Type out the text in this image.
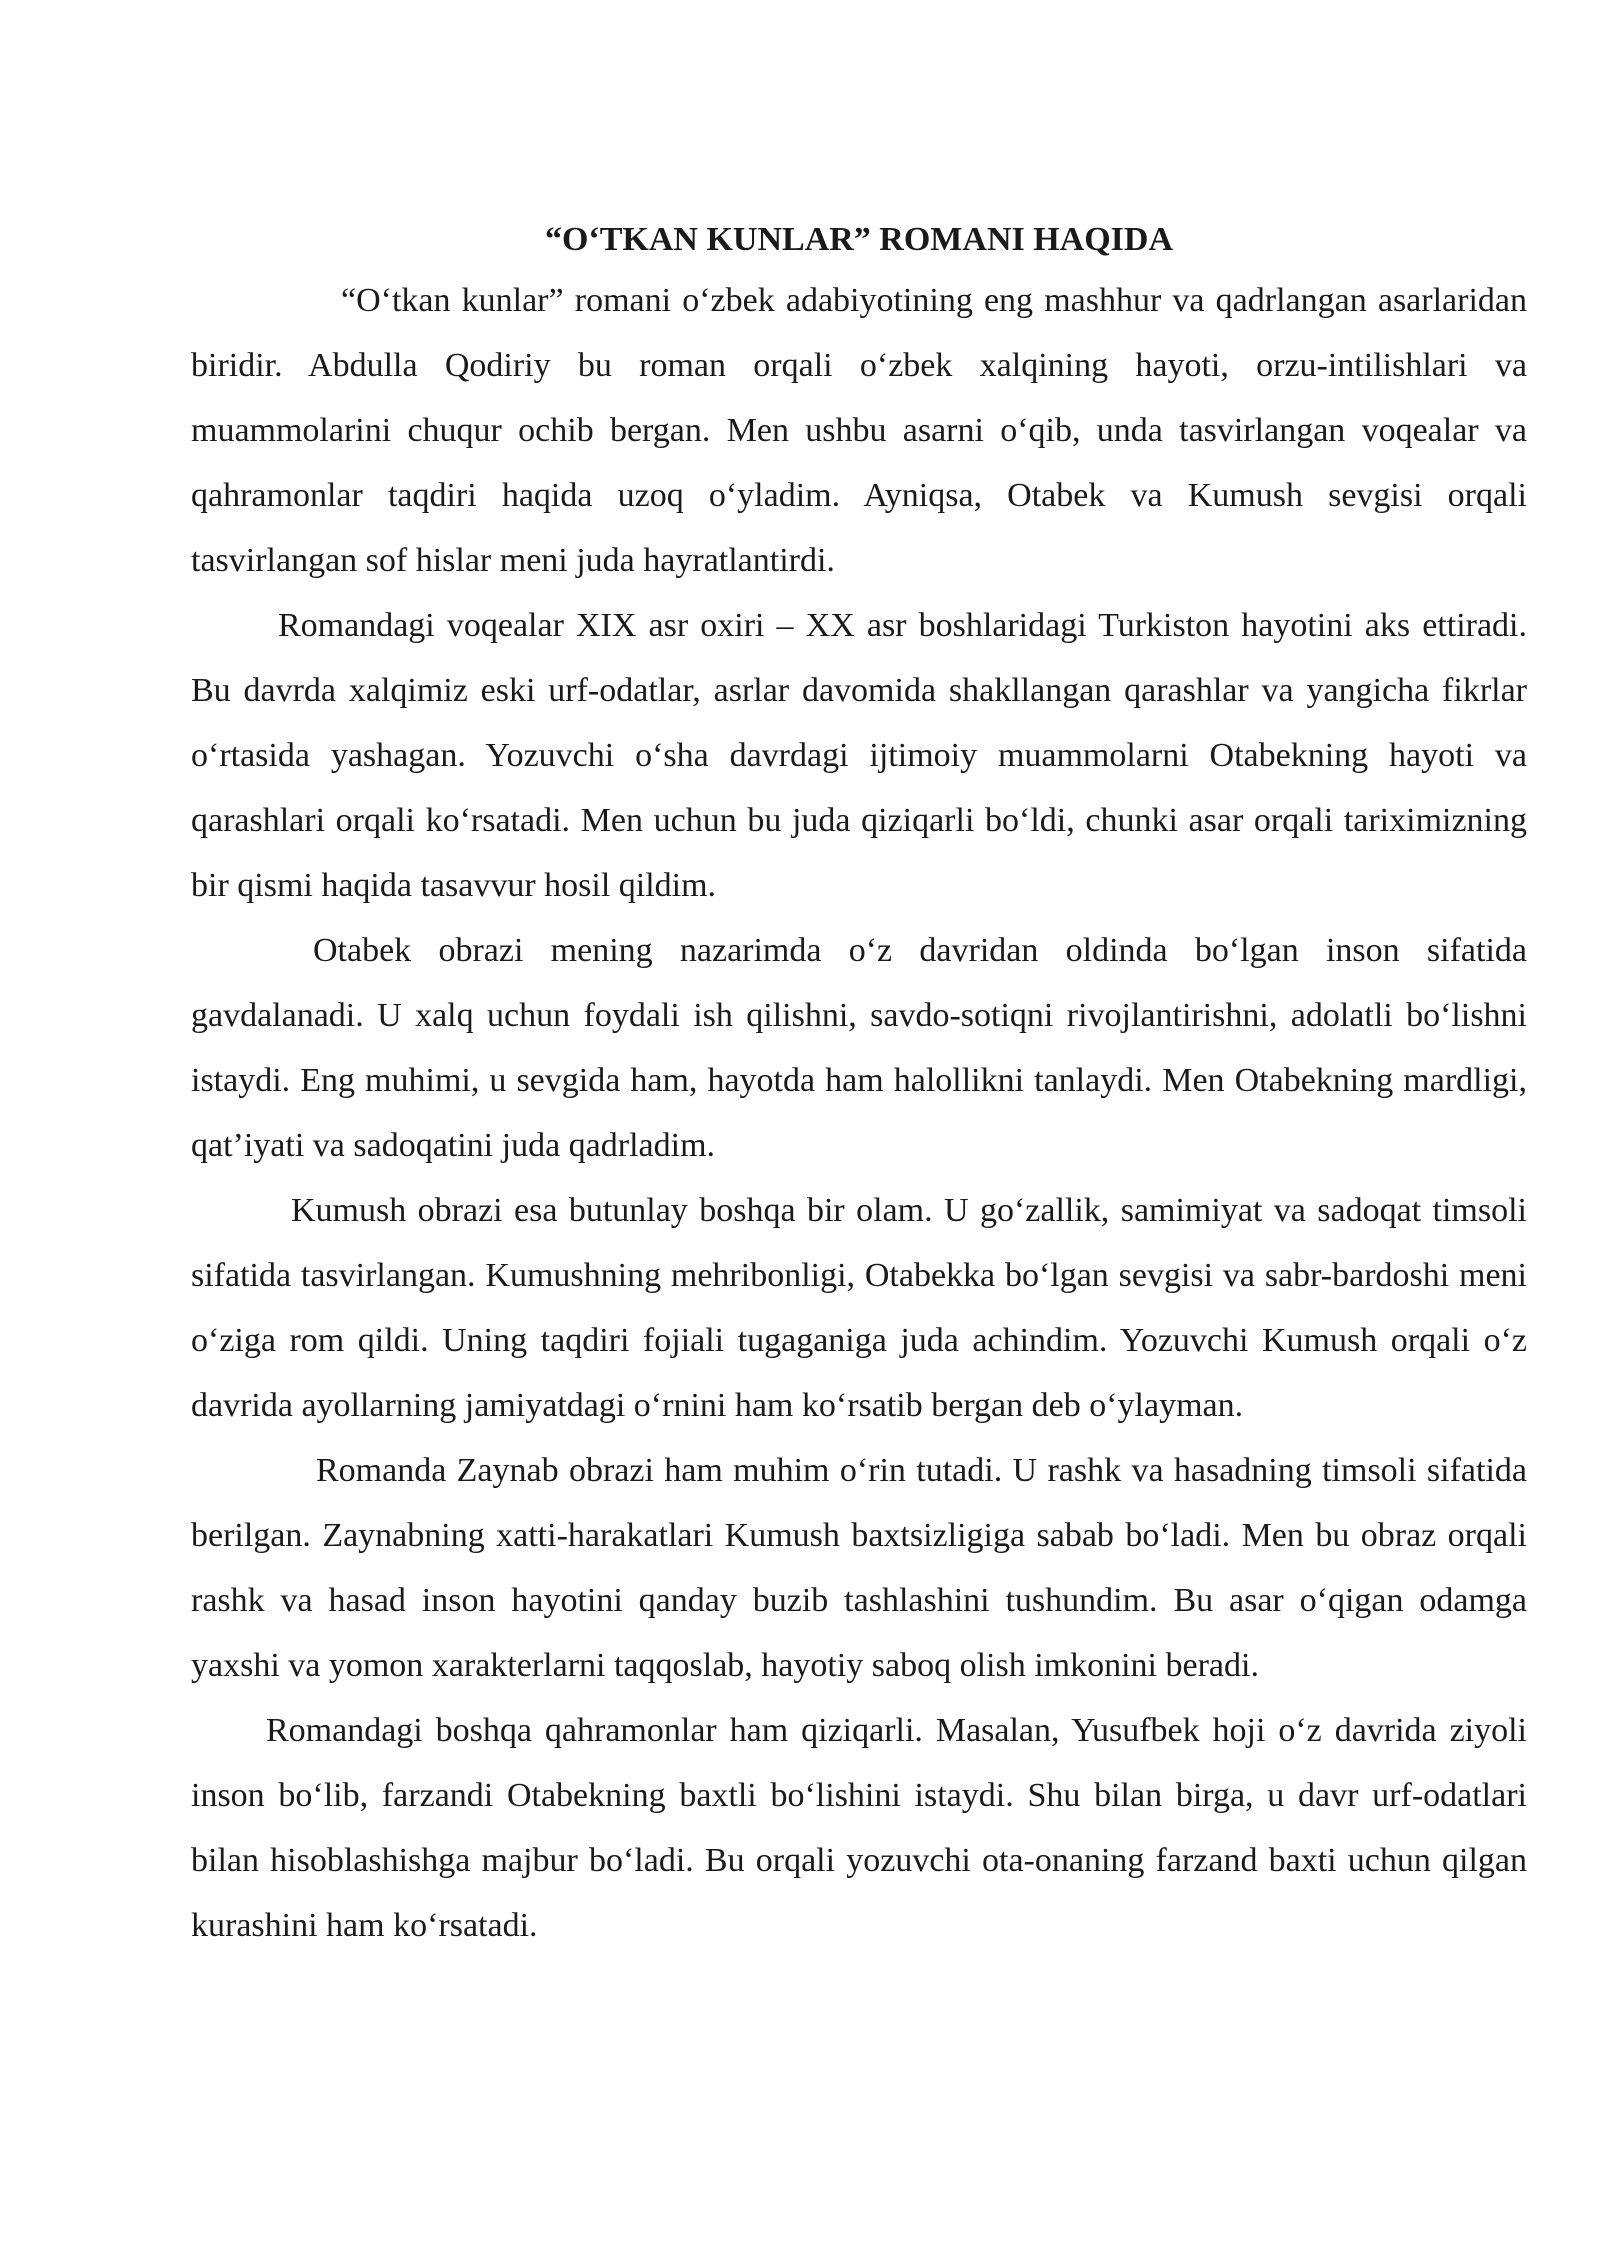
“O‘TKAN KUNLAR” ROMANI HAQIDA

“O‘tkan kunlar” romani o‘zbek adabiyotining eng mashhur va qadrlangan asarlaridan biridir. Abdulla Qodiriy bu roman orqali o‘zbek xalqining hayoti, orzu-intilishlari va muammolarini chuqur ochib bergan. Men ushbu asarni o‘qib, unda tasvirlangan voqealar va qahramonlar taqdiri haqida uzoq o‘yladim. Ayniqsa, Otabek va Kumush sevgisi orqali tasvirlangan sof hislar meni juda hayratlantirdi.

Romandagi voqealar XIX asr oxiri – XX asr boshlaridagi Turkiston hayotini aks ettiradi. Bu davrda xalqimiz eski urf-odatlar, asrlar davomida shakllangan qarashlar va yangicha fikrlar o‘rtasida yashagan. Yozuvchi o‘sha davrdagi ijtimoiy muammolarni Otabekning hayoti va qarashlari orqali ko‘rsatadi. Men uchun bu juda qiziqarli bo‘ldi, chunki asar orqali tariximizning bir qismi haqida tasavvur hosil qildim.

Otabek obrazi mening nazarimda o‘z davridan oldinda bo‘lgan inson sifatida gavdalanadi. U xalq uchun foydali ish qilishni, savdo-sotiqni rivojlantirishni, adolatli bo‘lishni istaydi. Eng muhimi, u sevgida ham, hayotda ham halollikni tanlaydi. Men Otabekning mardligi, qat’iyati va sadoqatini juda qadrladim.

Kumush obrazi esa butunlay boshqa bir olam. U go‘zallik, samimiyat va sadoqat timsoli sifatida tasvirlangan. Kumushning mehribonligi, Otabekka bo‘lgan sevgisi va sabr-bardoshi meni o‘ziga rom qildi. Uning taqdiri fojiali tugaganiga juda achindim. Yozuvchi Kumush orqali o‘z davrida ayollarning jamiyatdagi o‘rnini ham ko‘rsatib bergan deb o‘ylayman.

Romanda Zaynab obrazi ham muhim o‘rin tutadi. U rashk va hasadning timsoli sifatida berilgan. Zaynabning xatti-harakatlari Kumush baxtsizligiga sabab bo‘ladi. Men bu obraz orqali rashk va hasad inson hayotini qanday buzib tashlashini tushundim. Bu asar o‘qigan odamga yaxshi va yomon xarakterlarni taqqoslab, hayotiy saboq olish imkonini beradi.

Romandagi boshqa qahramonlar ham qiziqarli. Masalan, Yusufbek hoji o‘z davrida ziyoli inson bo‘lib, farzandi Otabekning baxtli bo‘lishini istaydi. Shu bilan birga, u davr urf-odatlari bilan hisoblashishga majbur bo‘ladi. Bu orqali yozuvchi ota-onaning farzand baxti uchun qilgan kurashini ham ko‘rsatadi.
